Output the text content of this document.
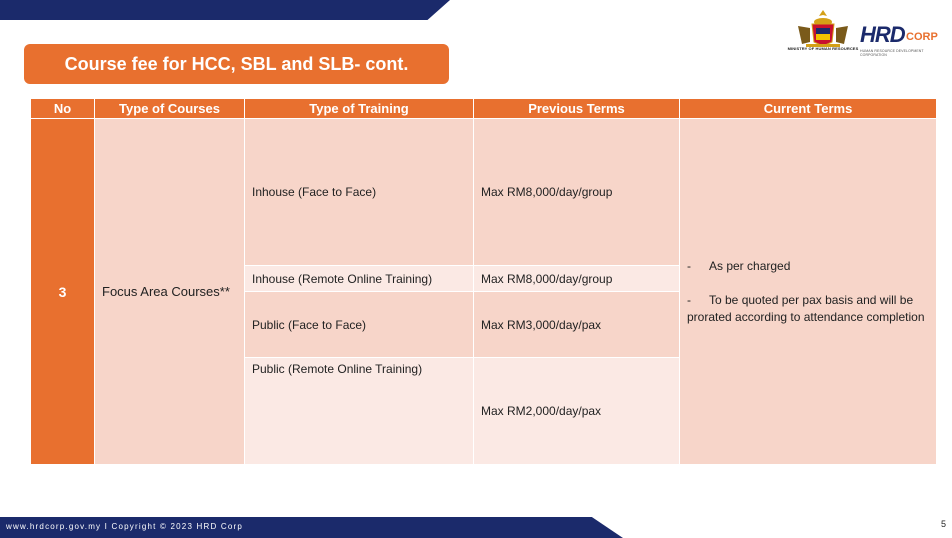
MINISTRY OF HUMAN RESOURCES
HRD CORP
HUMAN RESOURCE DEVELOPMENT CORPORATION
Course fee for HCC, SBL and SLB- cont.
No	Type of Courses	Type of Training	Previous Terms	Current Terms
3	Focus Area Courses**	Inhouse (Face to Face)	Max RM8,000/day/group	- As per charged
- To be quoted per pax basis and will be prorated according to attendance completion

		Inhouse (Remote Online Training)	Max RM8,000/day/group	
		Public (Face to Face)	Max RM3,000/day/pax	
		Public (Remote Online Training)	Max RM2,000/day/pax	
www.hrdcorp.gov.my I Copyright © 2023 HRD Corp	5
